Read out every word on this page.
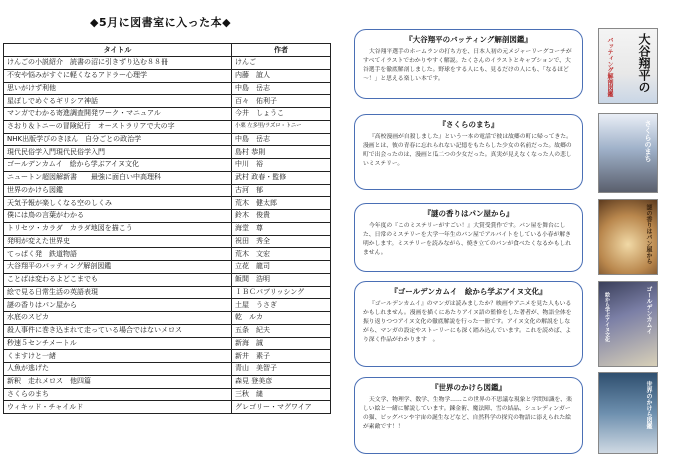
◆5月に図書室に入った本◆
タイトル	作者
けんごの小説紹介　読書の沼に引きずり込む８８冊	けんご
不安や悩みがすぐに軽くなるアドラー心理学	内藤　誼人
思いがけず利他	中島　岳志
星ぼしでめぐるギリシア神話	百々　佑利子
マンガでわかる寄進調査開発ワーク・マニュアル	今井　しょうこ
さおり＆トニーの冒険紀行　オーストラリアで大の字	小栗 左多里/ラズロ・トニー
NHK出版学びのきほん　自分ごとの政治学	中島　岳志
現代民俗学入門現代民俗学入門	島村 恭則
ゴールデンカムイ　絵から学ぶアイヌ文化	中川　裕
ニュートン超図解新書　　最強に面白い中高理科	武村 政春・監修
世界のかけら図鑑	古河　郁
天気予報が楽しくなる空のしくみ	荒木　健太郎
僕には鳥の言葉がわかる	鈴木　俊貴
トリセツ・カラダ　カラダ地図を描こう	海堂　尊
発明が変えた世界史	祝田　秀全
てっぱく発　鉄道物語	荒木　文宏
大谷翔平のバッティング解剖図鑑	立花　龍司
ことばは変わるよどこまでも	飯間　浩明
絵で見る日常生活の英語表現	ＩＢＣパブリッシング
謎の香りはパン屋から	土屋　うさぎ
水底のスピカ	乾　ルカ
殺人事件に巻き込まれて走っている場合ではないメロス	五条　紀夫
秒速５センチメートル	新海　誠
くますけと一緒	新井　素子
人魚が逃げた	青山　美智子
新釈　走れメロス　他四篇	森見 登美彦
さくらのまち	三秋　縋
ウィキッド・チャイルド	グレゴリー・マグワイア
『大谷翔平のバッティング解剖図鑑』
大谷翔平選手のホームランの打ち方を、日本人初の元メジャーリーグコーチがすべてイラストでわかりやすく解説。たくさんのイラストとキャプションで、大谷選手を徹底解剖しました。野球をする人にも、見るだけの人にも、「なるほど～！」と思える楽しい本です。
『さくらのまち』
『高校漫画が自殺しました』という一本の電話で彼は故郷の町に帰ってきた。漫画とは、彼の青春に忘れられない記憶をもたらした少女の名前だった。故郷の町で出会ったのは、漫画と瓜二つの少女だった。真実が見えなくなった人の悲しいミステリー。
『謎の香りはパン屋から』
今年度の『このミステリーがすごい！』大賞受賞作です。パン屋を舞台にした、日常のミステリーを大学一年生のパン屋でアルバイトをしている小春が解き明かします。ミステリーを読みながら、焼き立てのパンが食べたくなるかもしれません。
『ゴールデンカムイ　絵から学ぶアイヌ文化』
『ゴールデンカムイ』のマンガは読みましたか？映画やアニメを見た人もいるかもしれません。漫画を描くにあたりアイヌ語の監修をした著者が、物語全体を振り返りつつアイヌ文化の徹底解説を行った一冊です。アイヌ文化の解説をしながら、マンガの設定やストーリーにも深く踏み込んでいます。これを読めば、より深く作品がわかります　。
『世界のかけら図鑑』
天文学、物理学、数学、生物学……この世界の不思議な現象と学問知識を、楽しい絵と一緒に解説しています。錬金術、魔法陣、雪の結晶、シュレディンガーの猫、ビッグバンや宇宙の誕生などなど、自然科学の探究の物語に添えられた絵が素敵です！！
大谷翔平の
バッティング解剖図鑑
さくらのまち
謎の香りはパン屋から
ゴールデンカムイ
絵から学ぶアイヌ文化
世界のかけら図鑑
